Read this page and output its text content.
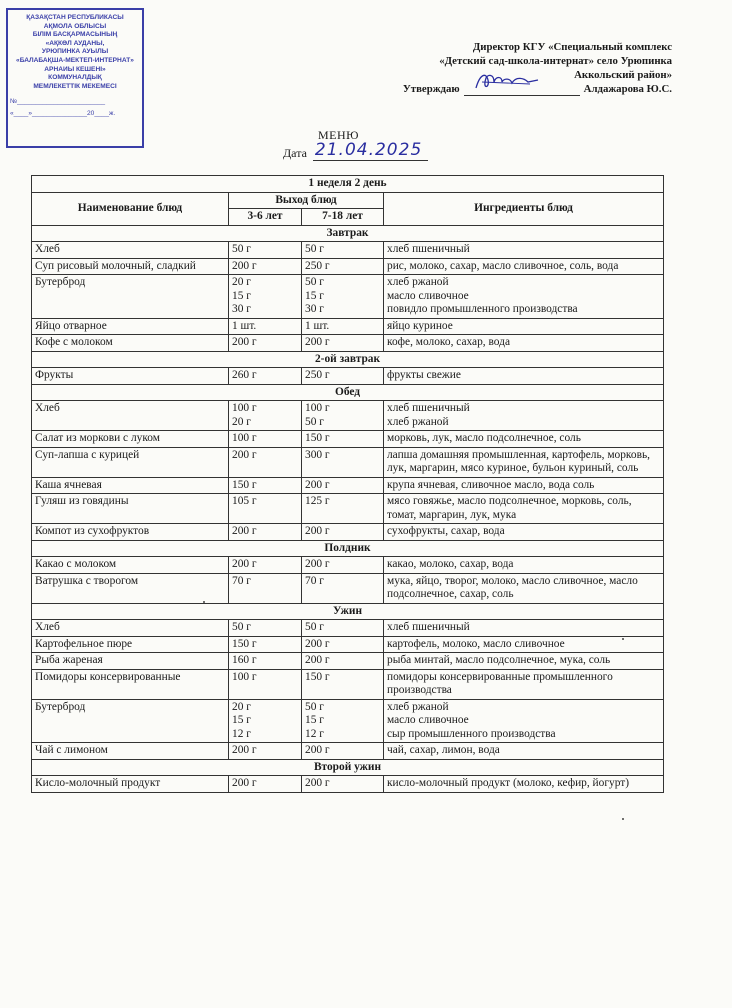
ҚАЗАҚСТАН РЕСПУБЛИКАСЫ
АҚМОЛА ОБЛЫСЫ
БІЛІМ БАСҚАРМАСЫНЫҢ
«АҚКӨЛ АУДАНЫ,
УРЮПИНКА АУЫЛЫ
«БАЛАБАҚША-МЕКТЕП-ИНТЕРНАТ»
АРНАЙЫ КЕШЕНІ»
КОММУНАЛДЫҚ
МЕМЛЕКЕТТІК МЕКЕМЕСІ
№________________________
«____»_______________20____ж.
Директор КГУ «Специальный комплекс
«Детский сад-школа-интернат» село Урюпинка
Аккольский район»
Утверждаю	Алдажарова Ю.С.
МЕНЮ
Дата 21.04.2025
1 неделя 2 день			
Наименование блюд	Выход блюд		Ингредиенты блюд
	3-6 лет	7-18 лет	
Завтрак			
Хлеб	50 г	50 г	хлеб пшеничный
Суп рисовый молочный, сладкий	200 г	250 г	рис, молоко, сахар, масло сливочное, соль, вода
Бутерброд	20 г
15 г
30 г	50 г
15 г
30 г	хлеб ржаной
масло сливочное
повидло промышленного производства
Яйцо отварное	1 шт.	1 шт.	яйцо куриное
Кофе с молоком	200 г	200 г	кофе, молоко, сахар, вода
2-ой завтрак			
Фрукты	260 г	250 г	фрукты свежие
Обед			
Хлеб	100 г
20 г	100 г
50 г	хлеб пшеничный
хлеб ржаной
Салат из моркови с луком	100 г	150 г	морковь, лук, масло подсолнечное, соль
Суп-лапша с курицей	200 г	300 г	лапша домашняя промышленная, картофель, морковь, лук, маргарин, мясо куриное, бульон куриный, соль
Каша ячневая	150 г	200 г	крупа ячневая, сливочное масло, вода соль
Гуляш из говядины	105 г	125 г	мясо говяжье, масло подсолнечное, морковь, соль, томат, маргарин, лук, мука
Компот из сухофруктов	200 г	200 г	сухофрукты, сахар, вода
Полдник			
Какао с молоком	200 г	200 г	какао, молоко, сахар, вода
Ватрушка с творогом	70 г	70 г	мука, яйцо, творог, молоко, масло сливочное, масло подсолнечное, сахар, соль
Ужин			
Хлеб	50 г	50 г	хлеб пшеничный
Картофельное пюре	150 г	200 г	картофель, молоко, масло сливочное
Рыба жареная	160 г	200 г	рыба минтай, масло подсолнечное, мука, соль
Помидоры консервированные	100 г	150 г	помидоры консервированные промышленного производства
Бутерброд	20 г
15 г
12 г	50 г
15 г
12 г	хлеб ржаной
масло сливочное
сыр промышленного производства
Чай с лимоном	200 г	200 г	чай, сахар, лимон, вода
Второй ужин			
Кисло-молочный продукт	200 г	200 г	кисло-молочный продукт (молоко, кефир, йогурт)
